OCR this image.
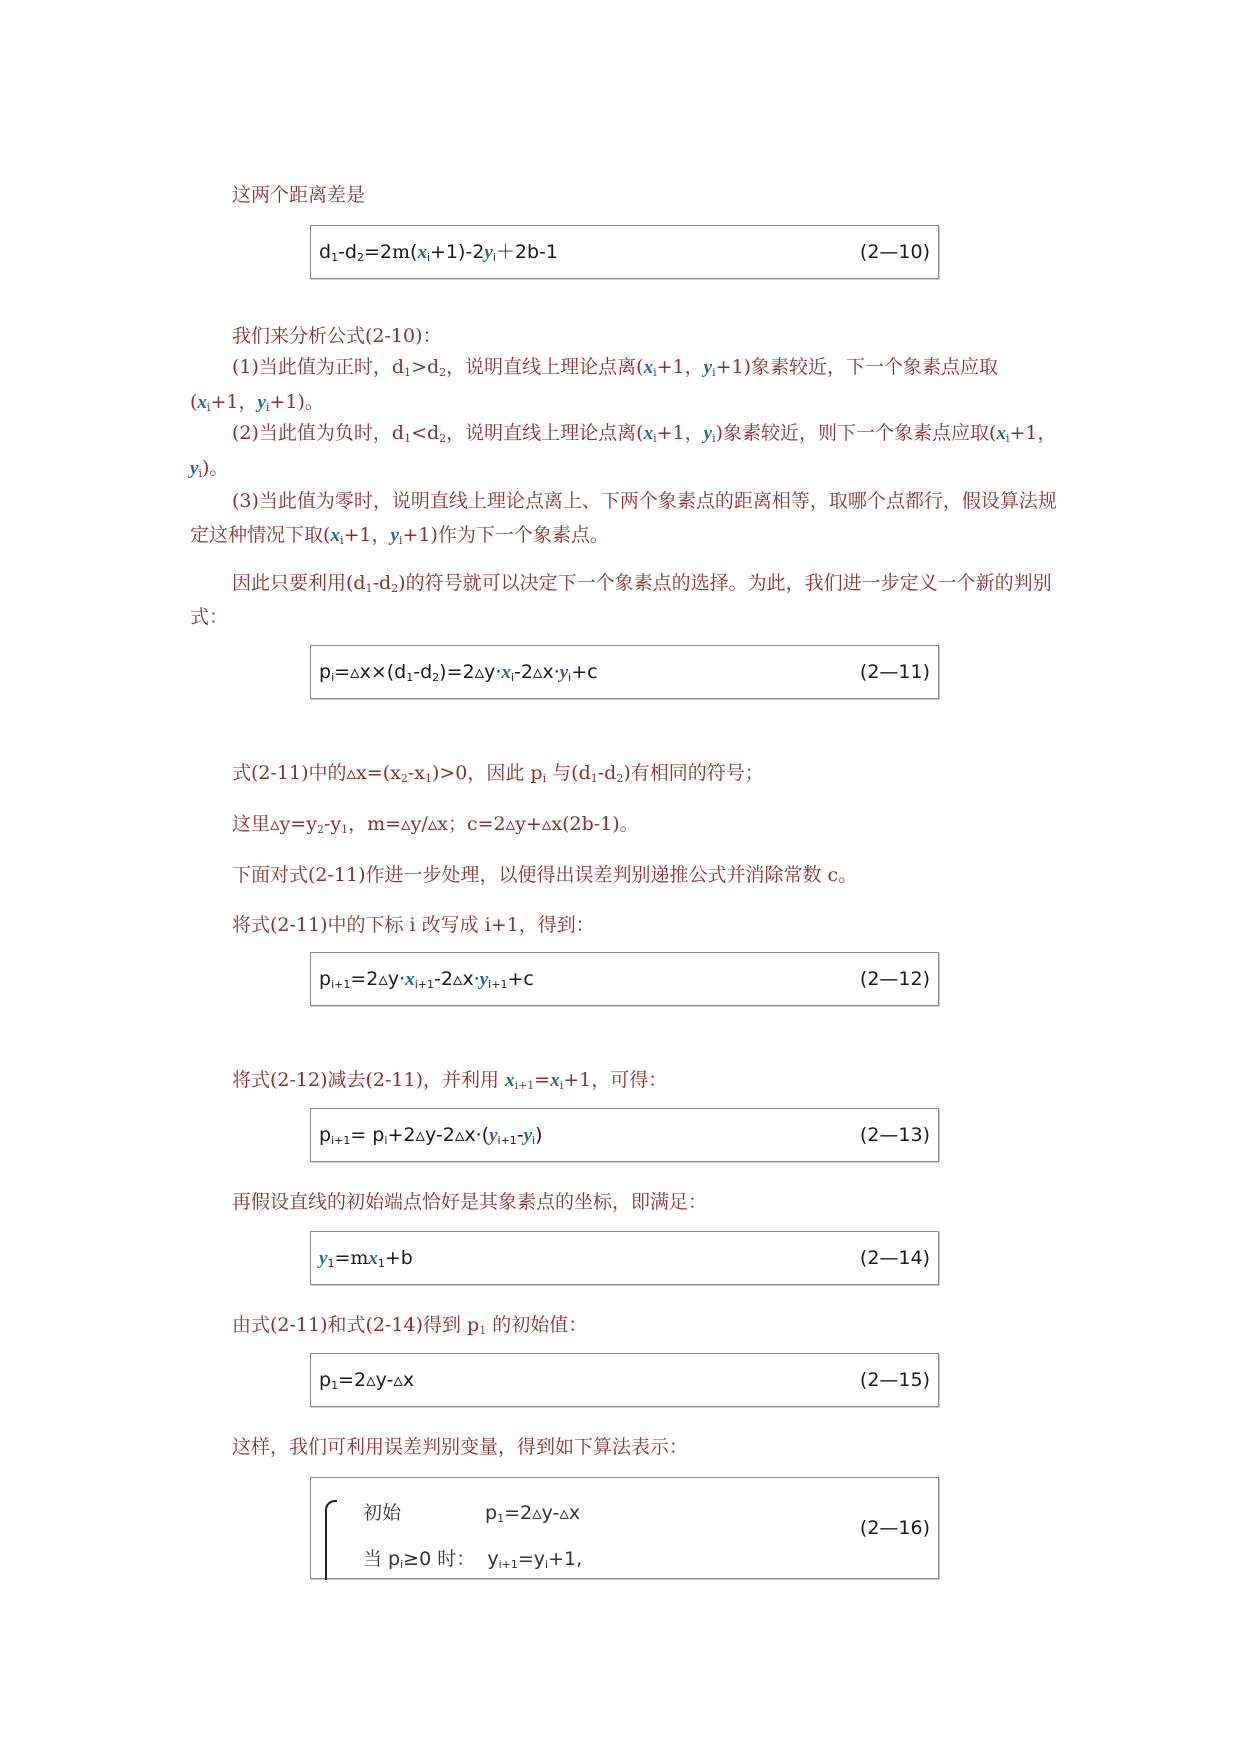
这两个距离差是
$d_1-d_2=2m(x_i+1)-2y_i+2b-1$	(2—10)
我们来分析公式(2-10)：
(1)当此值为正时，$d_1>d_2$，说明直线上理论点离($x_i+1$，$y_i+1$)象素较近，下一个象素点应取($x_i+1$，$y_i+1$)。
(2)当此值为负时，$d_1<d_2$，说明直线上理论点离($x_i+1$，$y_i$)象素较近，则下一个象素点应取($x_i+1$，$y_i$)。
(3)当此值为零时，说明直线上理论点离上、下两个象素点的距离相等，取哪个点都行，假设算法规定这种情况下取($x_i+1$，$y_i+1$)作为下一个象素点。
因此只要利用$(d_1-d_2)$的符号就可以决定下一个象素点的选择。为此，我们进一步定义一个新的判别式：
$p_i=▵x\times(d_1-d_2)=2▵y\cdot x_i-2▵x\cdot y_i+c$	(2—11)
式(2-11)中的$▵x=(x_2-x_1)>0$，因此 $p_i$ 与$(d_1-d_2)$有相同的符号；
这里$▵y=y_2-y_1$，m=▵y/▵x；c=2▵y+▵x(2b-1)。
下面对式(2-11)作进一步处理，以便得出误差判别递推公式并消除常数 c。
将式(2-11)中的下标 i 改写成 i+1，得到：
$p_{i+1}=2▵y\cdot x_{i+1}-2▵x\cdot y_{i+1}+c$	(2—12)
将式(2-12)减去(2-11)，并利用 $x_{i+1}=x_i+1$，可得：
$p_{i+1}=$ $p_i+2▵y-2▵x\cdot(y_{i+1}-y_i)$	(2—13)
再假设直线的初始端点恰好是其象素点的坐标，即满足：
$y_1=mx_1+b$	(2—14)
由式(2-11)和式(2-14)得到 $p_1$ 的初始值：
$p_1=2▵y-▵x$	(2—15)
这样，我们可利用误差判别变量，得到如下算法表示：
初始	$p_1=2▵y-▵x$
当 $p_i\ge 0$ 时：  $y_{i+1}=y_i+1$,
(2—16)
